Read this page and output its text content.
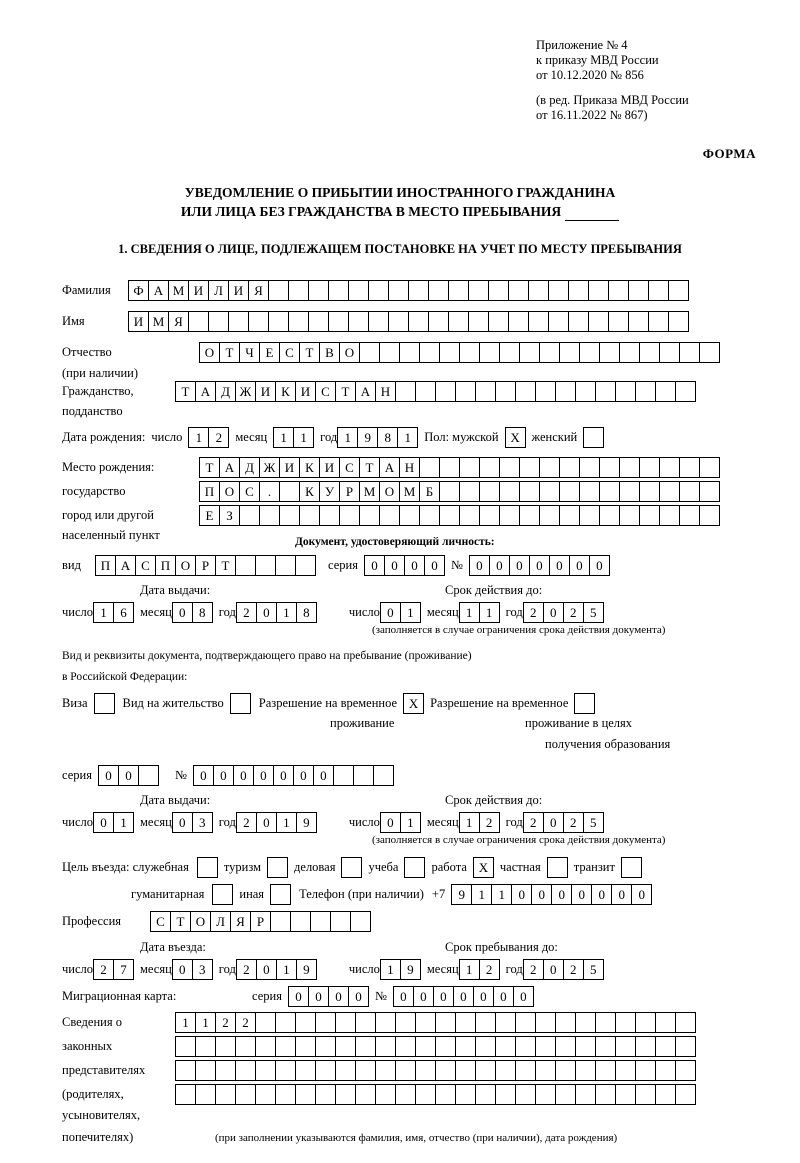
Приложение № 4
к приказу МВД России
от 10.12.2020 № 856
(в ред. Приказа МВД России
от 16.11.2022 № 867)
ФОРМА
УВЕДОМЛЕНИЕ О ПРИБЫТИИ ИНОСТРАННОГО ГРАЖДАНИНА
ИЛИ ЛИЦА БЕЗ ГРАЖДАНСТВА В МЕСТО ПРЕБЫВАНИЯ
1. СВЕДЕНИЯ О ЛИЦЕ, ПОДЛЕЖАЩЕМ ПОСТАНОВКЕ НА УЧЕТ ПО МЕСТУ ПРЕБЫВАНИЯ
Фамилия	Ф А М И Л И Я
Имя	И М Я
Отчество	О Т Ч Е С Т В О
(при наличии)
Гражданство,	Т А Д Ж И К И С Т А Н
подданство
Дата рождения: число	1	2	месяц	1	1	год 1	9	8	1	Пол: мужской X женский
Место рождения:	Т А Д Ж И К И С Т А Н
государство	П О С	.	К У Р М О М Б
город или другой	Е З
населенный пункт	Документ, удостоверяющий личность:
вид	П А С П О Р Т	серия	0	0	0	0	№	0	0	0	0	0	0	0
Дата выдачи:	Срок действия до:
число 1	6	месяц 0	8	год 2	0	1	8	число 0	1	месяц 1	1	год 2	0	2	5
(заполняется в случае ограничения срока действия документа)
Вид и реквизиты документа, подтверждающего право на пребывание (проживание)
в Российской Федерации:
Виза	Вид на жительство	Разрешение на временное X Разрешение на временное
проживание	проживание в целях
получения образования
серия	0	0	№	0	0	0	0	0	0	0
Дата выдачи:	Срок действия до:
число 0	1	месяц 0	3	год 2	0	1	9	число 0	1	месяц 1	2	год 2	0	2	5
(заполняется в случае ограничения срока действия документа)
Цель въезда: служебная	туризм	деловая	учеба	работа X частная	транзит
гуманитарная	иная	Телефон (при наличии) +7	9	1	1	0	0	0	0	0	0	0
Профессия	С Т О Л Я Р
Дата въезда:	Срок пребывания до:
число 2	7	месяц 0	3	год 2	0	1	9	число 1	9	месяц 1	2	год 2	0	2	5
Миграционная карта:	серия	0	0	0	0	№	0	0	0	0	0	0	0
Сведения о	1	1	2	2
законных
представителях
(родителях,
усыновителях,
попечителях)	(при заполнении указываются фамилия, имя, отчество (при наличии), дата рождения)
